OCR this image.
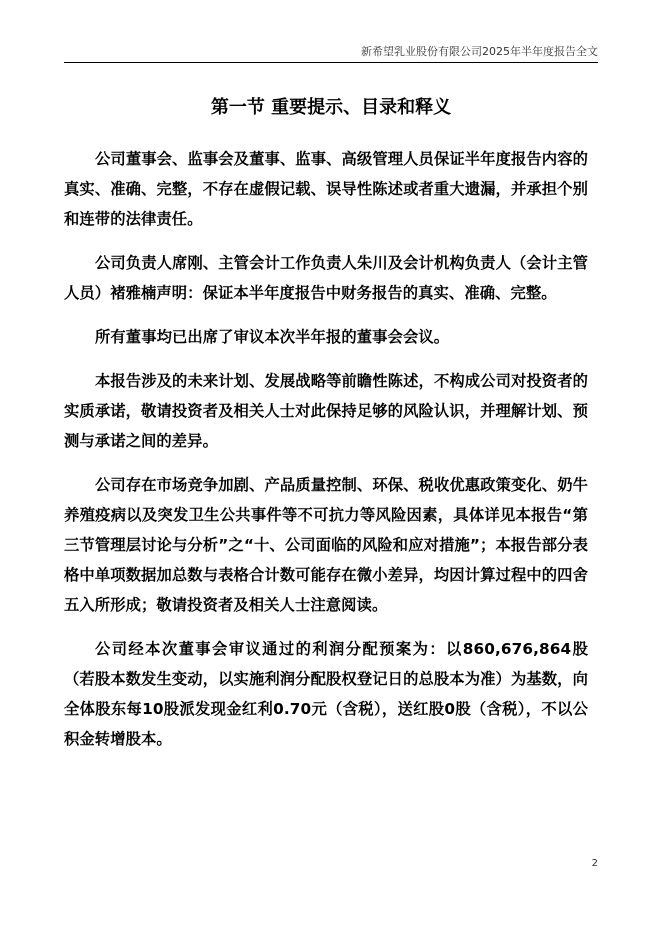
新希望乳业股份有限公司2025年半年度报告全文
第一节 重要提示、目录和释义

公司董事会、监事会及董事、监事、高级管理人员保证半年度报告内容的真实、准确、完整，不存在虚假记载、误导性陈述或者重大遗漏，并承担个别和连带的法律责任。

公司负责人席刚、主管会计工作负责人朱川及会计机构负责人（会计主管人员）褚雅楠声明：保证本半年度报告中财务报告的真实、准确、完整。

所有董事均已出席了审议本次半年报的董事会会议。

本报告涉及的未来计划、发展战略等前瞻性陈述，不构成公司对投资者的实质承诺，敬请投资者及相关人士对此保持足够的风险认识，并理解计划、预测与承诺之间的差异。

公司存在市场竞争加剧、产品质量控制、环保、税收优惠政策变化、奶牛养殖疫病以及突发卫生公共事件等不可抗力等风险因素，具体详见本报告“第三节管理层讨论与分析”之“十、公司面临的风险和应对措施”；本报告部分表格中单项数据加总数与表格合计数可能存在微小差异，均因计算过程中的四舍五入所形成；敬请投资者及相关人士注意阅读。

公司经本次董事会审议通过的利润分配预案为：以860,676,864股（若股本数发生变动，以实施利润分配股权登记日的总股本为准）为基数，向全体股东每10股派发现金红利0.70元（含税），送红股0股（含税），不以公积金转增股本。

2
